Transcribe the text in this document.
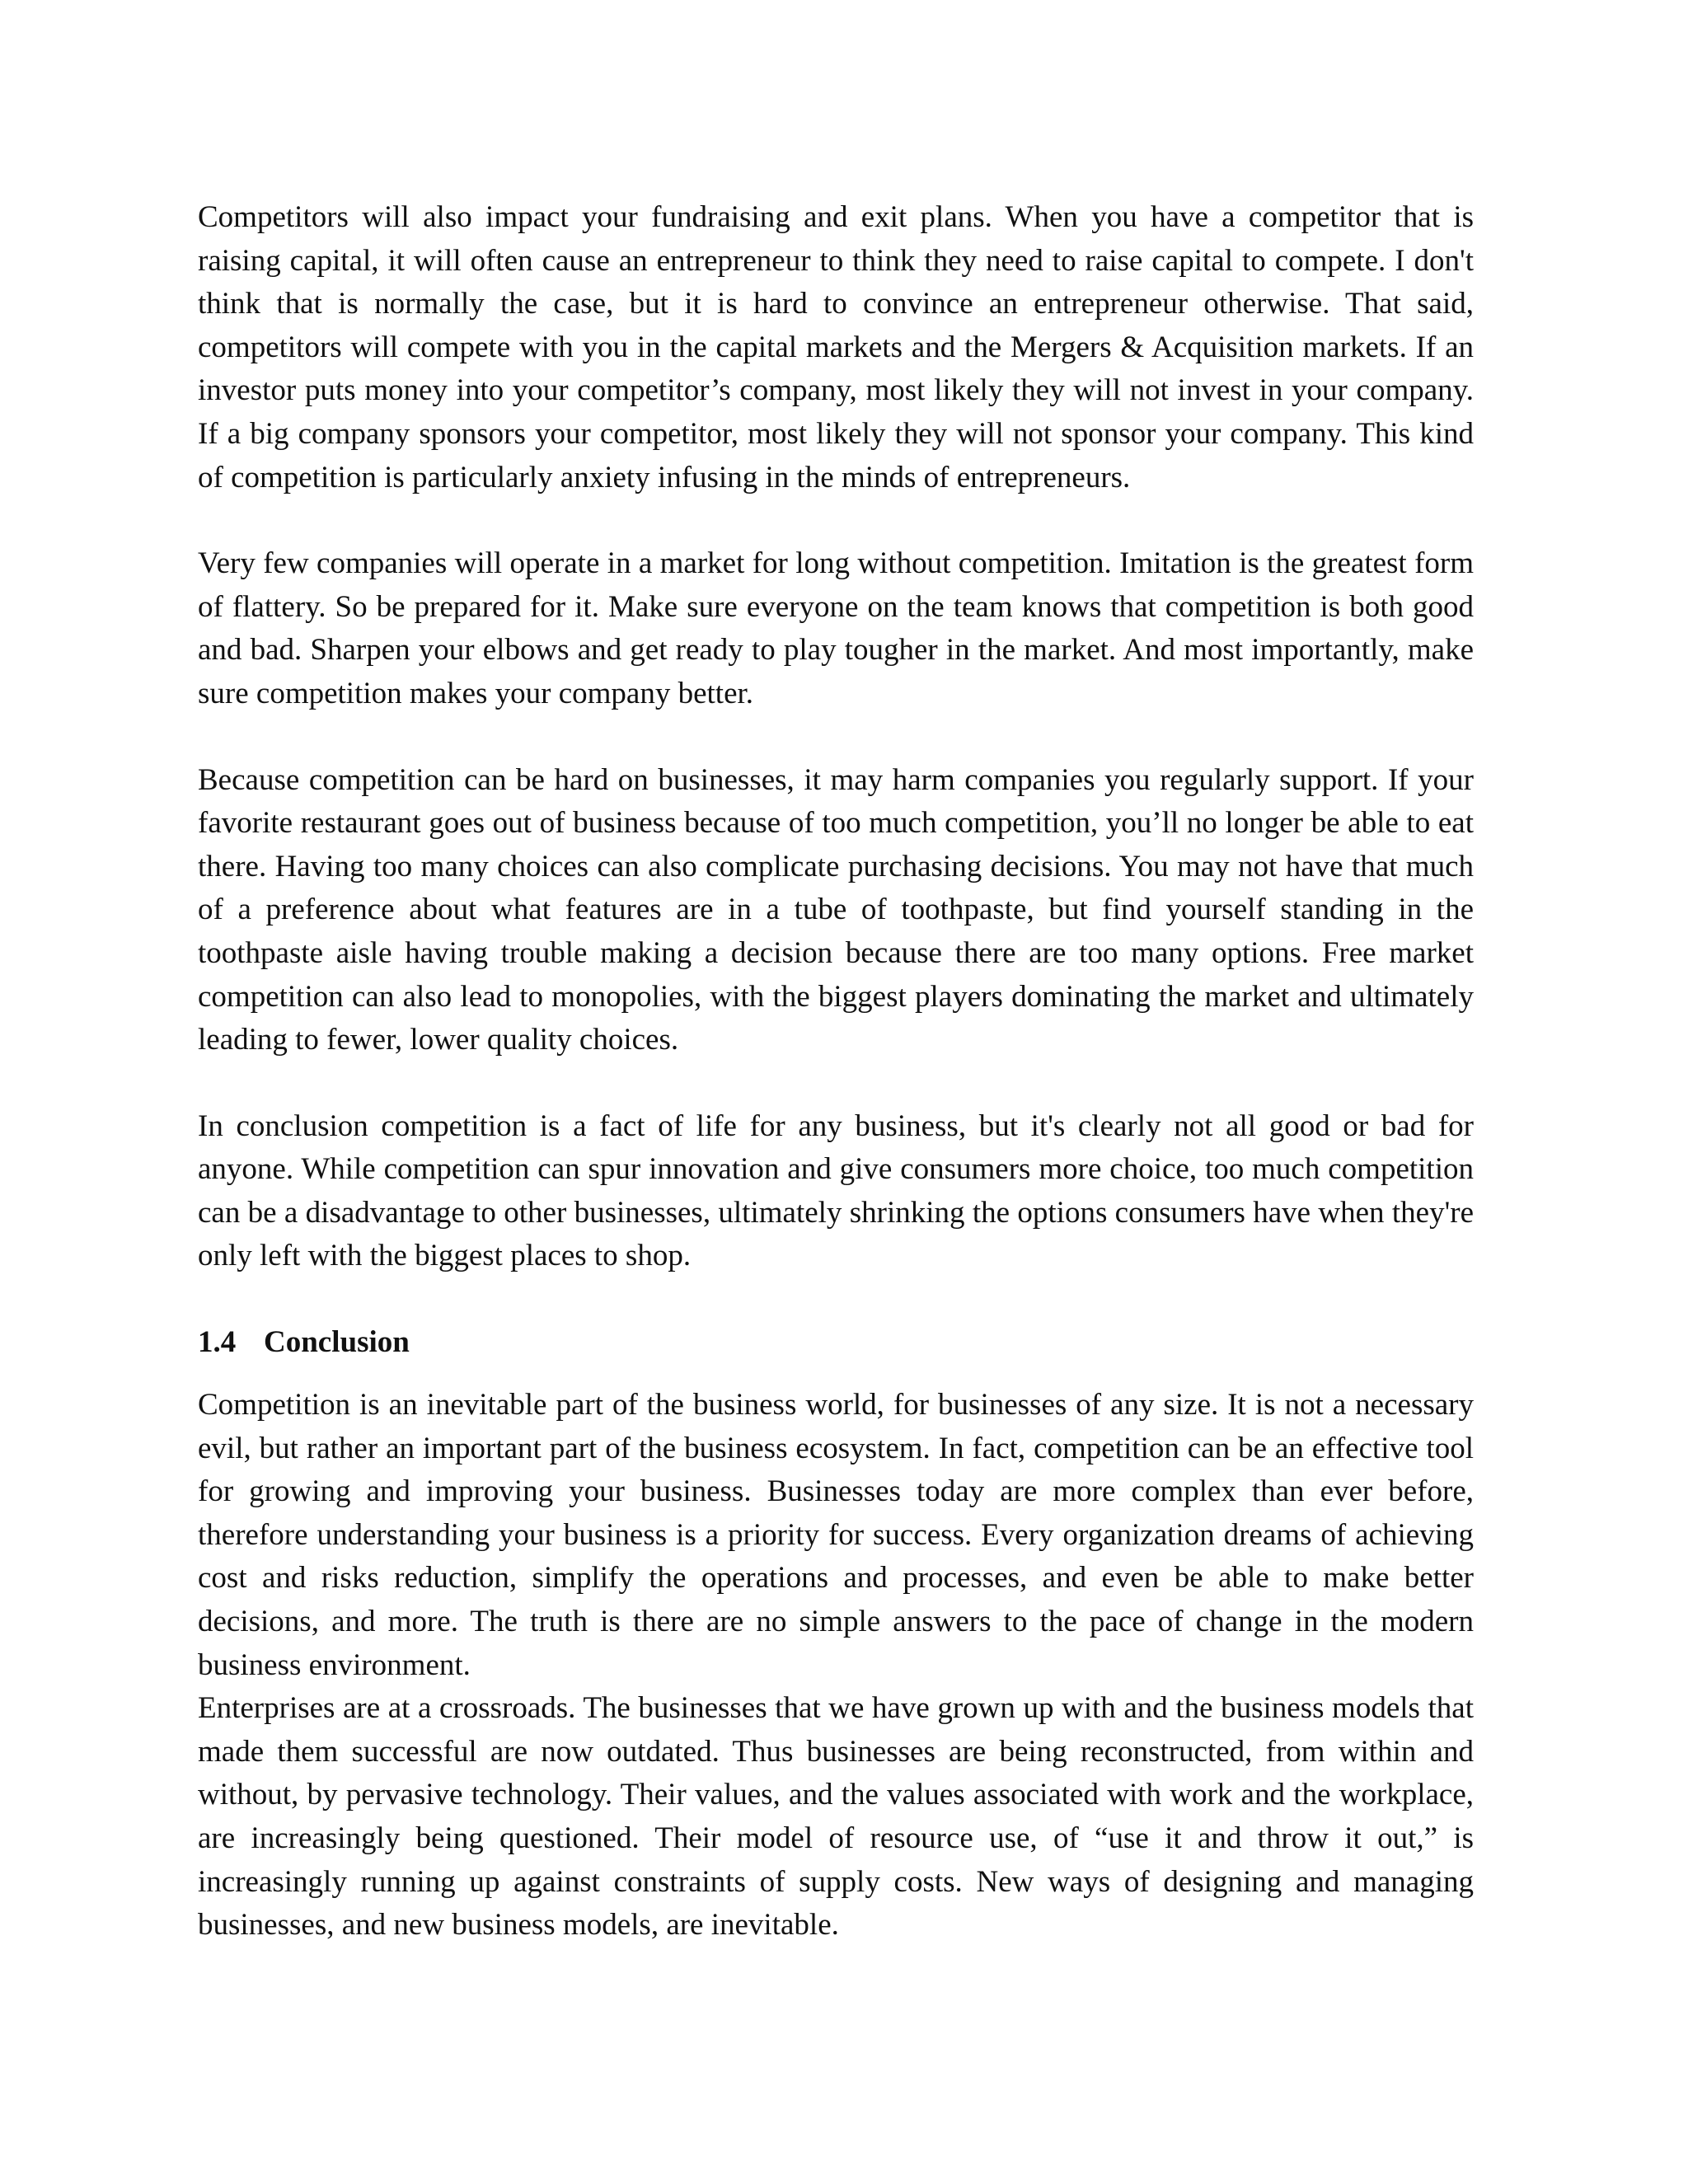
Competitors will also impact your fundraising and exit plans. When you have a competitor that is raising capital, it will often cause an entrepreneur to think they need to raise capital to compete. I don't think that is normally the case, but it is hard to convince an entrepreneur otherwise. That said, competitors will compete with you in the capital markets and the Mergers & Acquisition markets. If an investor puts money into your competitor’s company, most likely they will not invest in your company. If a big company sponsors your competitor, most likely they will not sponsor your company. This kind of competition is particularly anxiety infusing in the minds of entrepreneurs.

Very few companies will operate in a market for long without competition. Imitation is the greatest form of flattery. So be prepared for it. Make sure everyone on the team knows that competition is both good and bad. Sharpen your elbows and get ready to play tougher in the market. And most importantly, make sure competition makes your company better.

Because competition can be hard on businesses, it may harm companies you regularly support. If your favorite restaurant goes out of business because of too much competition, you’ll no longer be able to eat there. Having too many choices can also complicate purchasing decisions. You may not have that much of a preference about what features are in a tube of toothpaste, but find yourself standing in the toothpaste aisle having trouble making a decision because there are too many options. Free market competition can also lead to monopolies, with the biggest players dominating the market and ultimately leading to fewer, lower quality choices.

In conclusion competition is a fact of life for any business, but it's clearly not all good or bad for anyone. While competition can spur innovation and give consumers more choice, too much competition can be a disadvantage to other businesses, ultimately shrinking the options consumers have when they're only left with the biggest places to shop.

1.4 Conclusion

Competition is an inevitable part of the business world, for businesses of any size. It is not a necessary evil, but rather an important part of the business ecosystem. In fact, competition can be an effective tool for growing and improving your business. Businesses today are more complex than ever before, therefore understanding your business is a priority for success. Every organization dreams of achieving cost and risks reduction, simplify the operations and processes, and even be able to make better decisions, and more. The truth is there are no simple answers to the pace of change in the modern business environment.

Enterprises are at a crossroads. The businesses that we have grown up with and the business models that made them successful are now outdated. Thus businesses are being reconstructed, from within and without, by pervasive technology. Their values, and the values associated with work and the workplace, are increasingly being questioned. Their model of resource use, of “use it and throw it out,” is increasingly running up against constraints of supply costs. New ways of designing and managing businesses, and new business models, are inevitable.
